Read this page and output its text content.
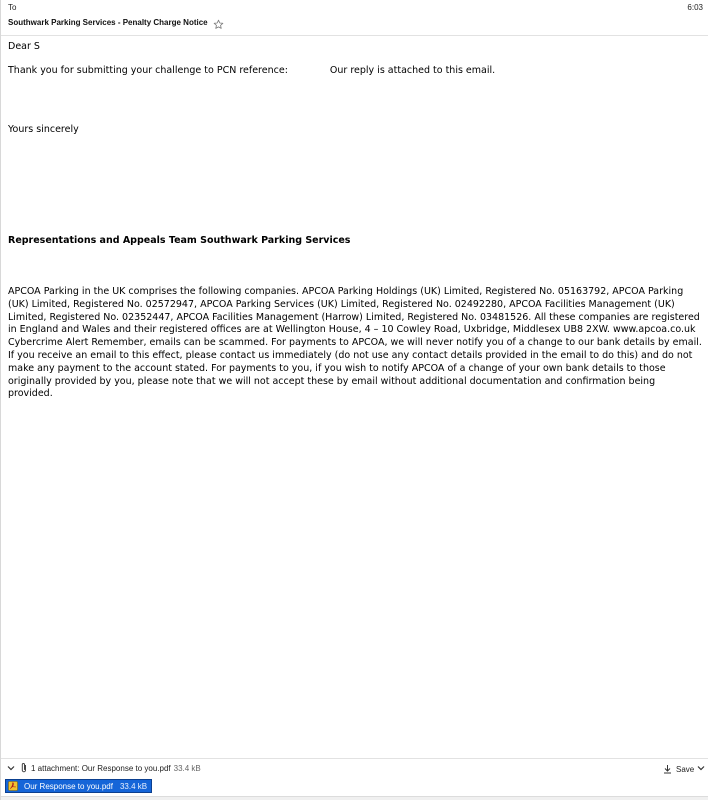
To	6:03
Southwark Parking Services - Penalty Charge Notice
Dear S
Thank you for submitting your challenge to PCN reference:	Our reply is attached to this email.
Yours sincerely
Representations and Appeals Team Southwark Parking Services
APCOA Parking in the UK comprises the following companies. APCOA Parking Holdings (UK) Limited, Registered No. 05163792, APCOA Parking (UK) Limited, Registered No. 02572947, APCOA Parking Services (UK) Limited, Registered No. 02492280, APCOA Facilities Management (UK) Limited, Registered No. 02352447, APCOA Facilities Management (Harrow) Limited, Registered No. 03481526. All these companies are registered in England and Wales and their registered offices are at Wellington House, 4 – 10 Cowley Road, Uxbridge, Middlesex UB8 2XW. www.apcoa.co.uk Cybercrime Alert Remember, emails can be scammed. For payments to APCOA, we will never notify you of a change to our bank details by email. If you receive an email to this effect, please contact us immediately (do not use any contact details provided in the email to do this) and do not make any payment to the account stated. For payments to you, if you wish to notify APCOA of a change of your own bank details to those originally provided by you, please note that we will not accept these by email without additional documentation and confirmation being provided.
1 attachment: Our Response to you.pdf 33.4 kB	Save
Our Response to you.pdf 33.4 kB
